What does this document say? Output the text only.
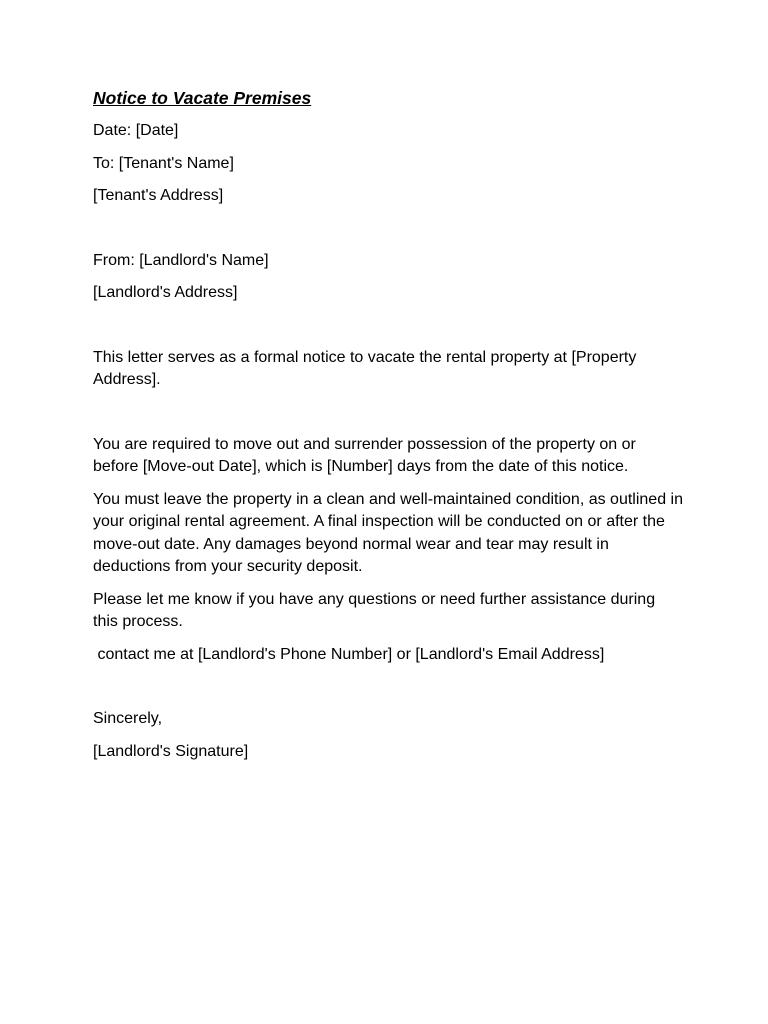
Notice to Vacate Premises
Date: [Date]
To: [Tenant's Name]
[Tenant's Address]
From: [Landlord's Name]
[Landlord's Address]
This letter serves as a formal notice to vacate the rental property at [Property Address].
You are required to move out and surrender possession of the property on or before [Move-out Date], which is [Number] days from the date of this notice.
You must leave the property in a clean and well-maintained condition, as outlined in your original rental agreement. A final inspection will be conducted on or after the move-out date. Any damages beyond normal wear and tear may result in deductions from your security deposit.
Please let me know if you have any questions or need further assistance during this process.
contact me at [Landlord's Phone Number] or [Landlord's Email Address]
Sincerely,
[Landlord's Signature]
